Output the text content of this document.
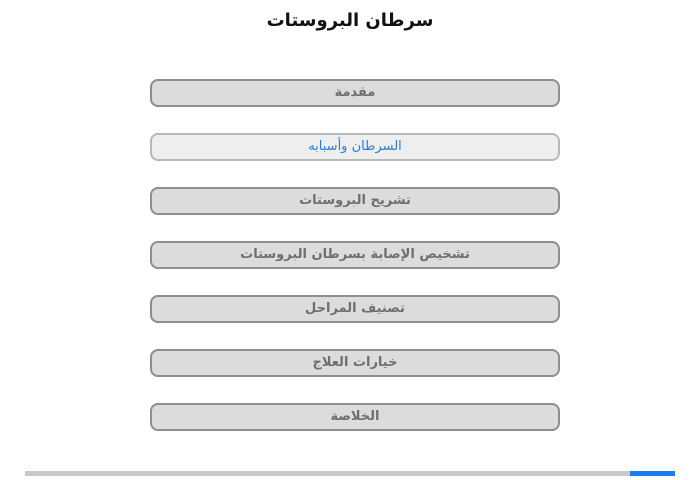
سرطان البروستات
مقدمة
السرطان وأسبابه
تشريح البروستات
تشخيص الإصابة بسرطان البروستات
تصنيف المراحل
خيارات العلاج
الخلاصة
